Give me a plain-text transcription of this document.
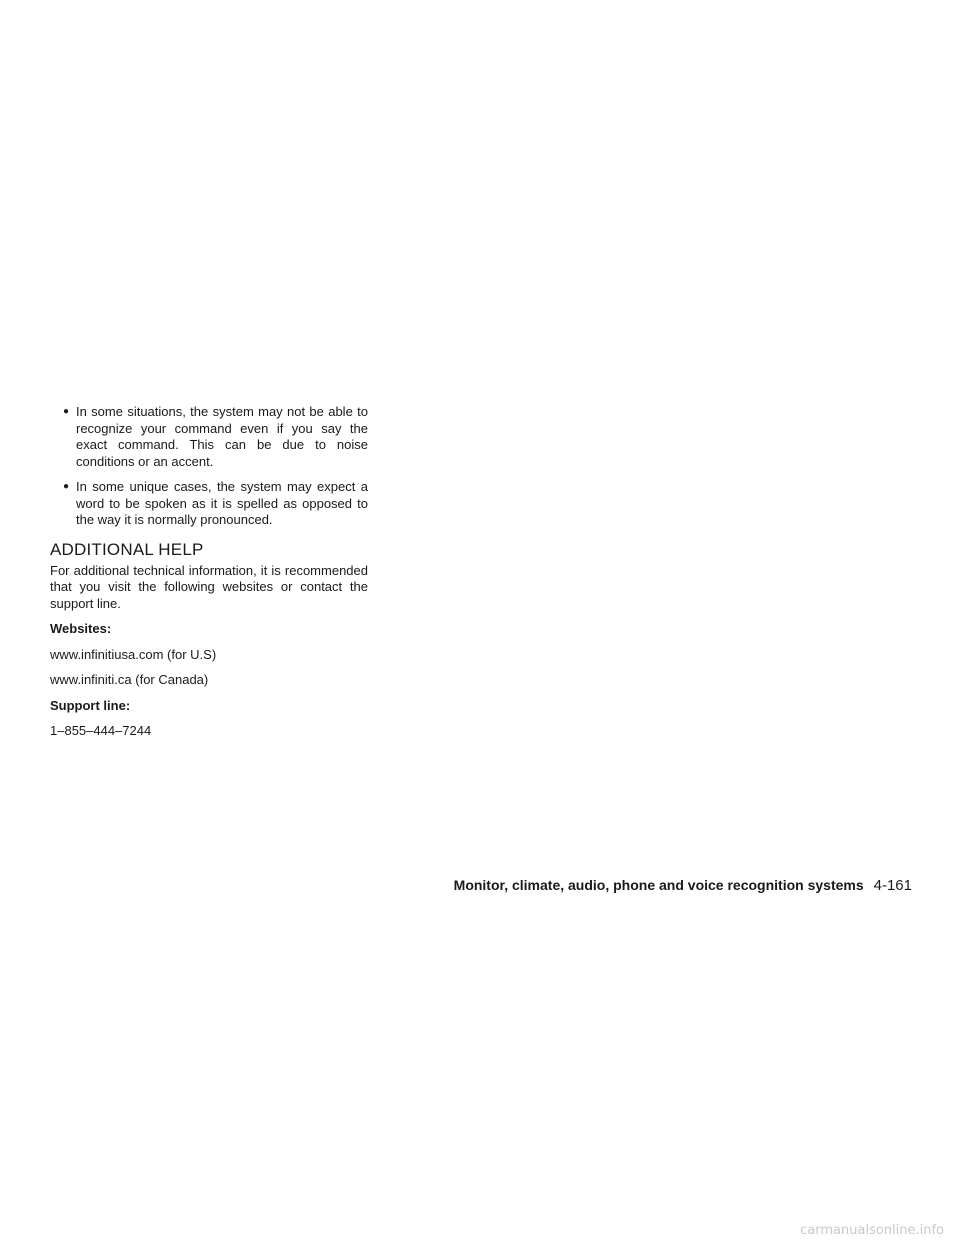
● In some situations, the system may not be able to recognize your command even if you say the exact command. This can be due to noise conditions or an accent.
● In some unique cases, the system may expect a word to be spoken as it is spelled as opposed to the way it is normally pronounced.
ADDITIONAL HELP

For additional technical information, it is recommended that you visit the following websites or contact the support line.

Websites:

www.infinitiusa.com (for U.S)

www.infiniti.ca (for Canada)

Support line:

1–855–444–7244

Monitor, climate, audio, phone and voice recognition systems 4-161
carmanualsonline.info
